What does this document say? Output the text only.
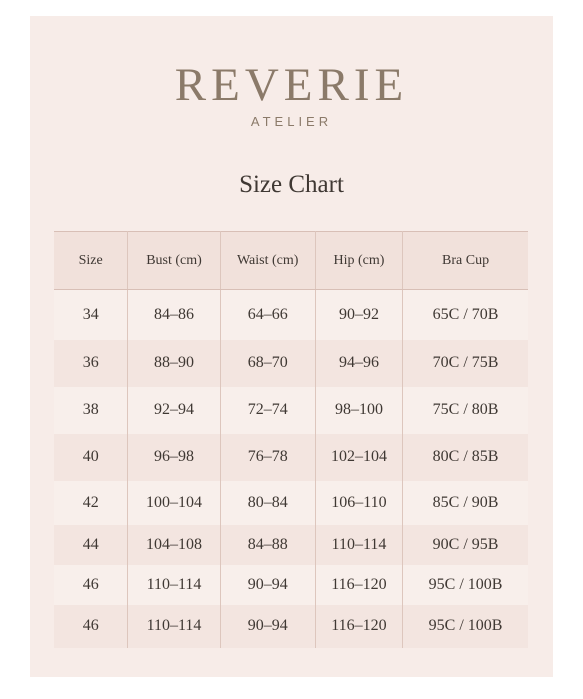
REVERIE
ATELIER
Size Chart
Size	Bust (cm)	Waist (cm)	Hip (cm)	Bra Cup
34	84–86	64–66	90–92	65C / 70B
36	88–90	68–70	94–96	70C / 75B
38	92–94	72–74	98–100	75C / 80B
40	96–98	76–78	102–104	80C / 85B
42	100–104	80–84	106–110	85C / 90B
44	104–108	84–88	110–114	90C / 95B
46	110–114	90–94	116–120	95C / 100B
46	110–114	90–94	116–120	95C / 100B
